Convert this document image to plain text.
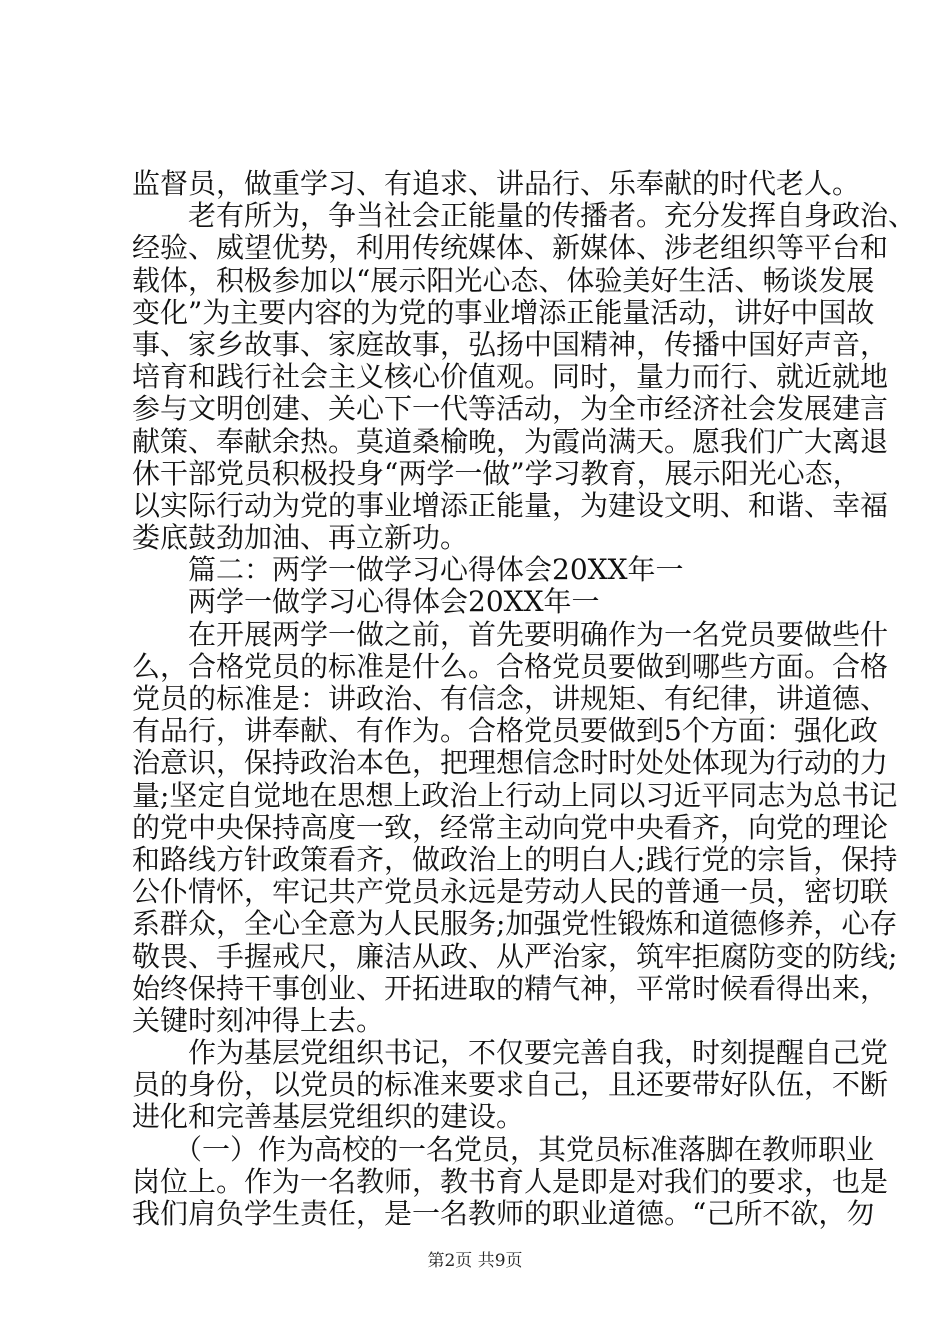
监督员，做重学习、有追求、讲品行、乐奉献的时代老人。

　　老有所为，争当社会正能量的传播者。充分发挥自身政治、

经验、威望优势，利用传统媒体、新媒体、涉老组织等平台和

载体，积极参加以“展示阳光心态、体验美好生活、畅谈发展

变化”为主要内容的为党的事业增添正能量活动，讲好中国故

事、家乡故事、家庭故事，弘扬中国精神，传播中国好声音，

培育和践行社会主义核心价值观。同时，量力而行、就近就地

参与文明创建、关心下一代等活动，为全市经济社会发展建言

献策、奉献余热。莫道桑榆晚，为霞尚满天。愿我们广大离退

休干部党员积极投身“两学一做”学习教育，展示阳光心态，

以实际行动为党的事业增添正能量，为建设文明、和谐、幸福

娄底鼓劲加油、再立新功。

　　篇二：两学一做学习心得体会20XX年一

　　两学一做学习心得体会20XX年一

　　在开展两学一做之前，首先要明确作为一名党员要做些什

么，合格党员的标准是什么。合格党员要做到哪些方面。合格

党员的标准是：讲政治、有信念，讲规矩、有纪律，讲道德、

有品行，讲奉献、有作为。合格党员要做到5个方面：强化政

治意识，保持政治本色，把理想信念时时处处体现为行动的力

量;坚定自觉地在思想上政治上行动上同以习近平同志为总书记

的党中央保持高度一致，经常主动向党中央看齐，向党的理论

和路线方针政策看齐，做政治上的明白人;践行党的宗旨，保持

公仆情怀，牢记共产党员永远是劳动人民的普通一员，密切联

系群众，全心全意为人民服务;加强党性锻炼和道德修养，心存

敬畏、手握戒尺，廉洁从政、从严治家，筑牢拒腐防变的防线;

始终保持干事创业、开拓进取的精气神，平常时候看得出来，

关键时刻冲得上去。

　　作为基层党组织书记，不仅要完善自我，时刻提醒自己党

员的身份，以党员的标准来要求自己，且还要带好队伍，不断

进化和完善基层党组织的建设。

　　（一）作为高校的一名党员，其党员标准落脚在教师职业

岗位上。作为一名教师，教书育人是即是对我们的要求，也是

我们肩负学生责任，是一名教师的职业道德。“己所不欲，勿

第2页 共9页
